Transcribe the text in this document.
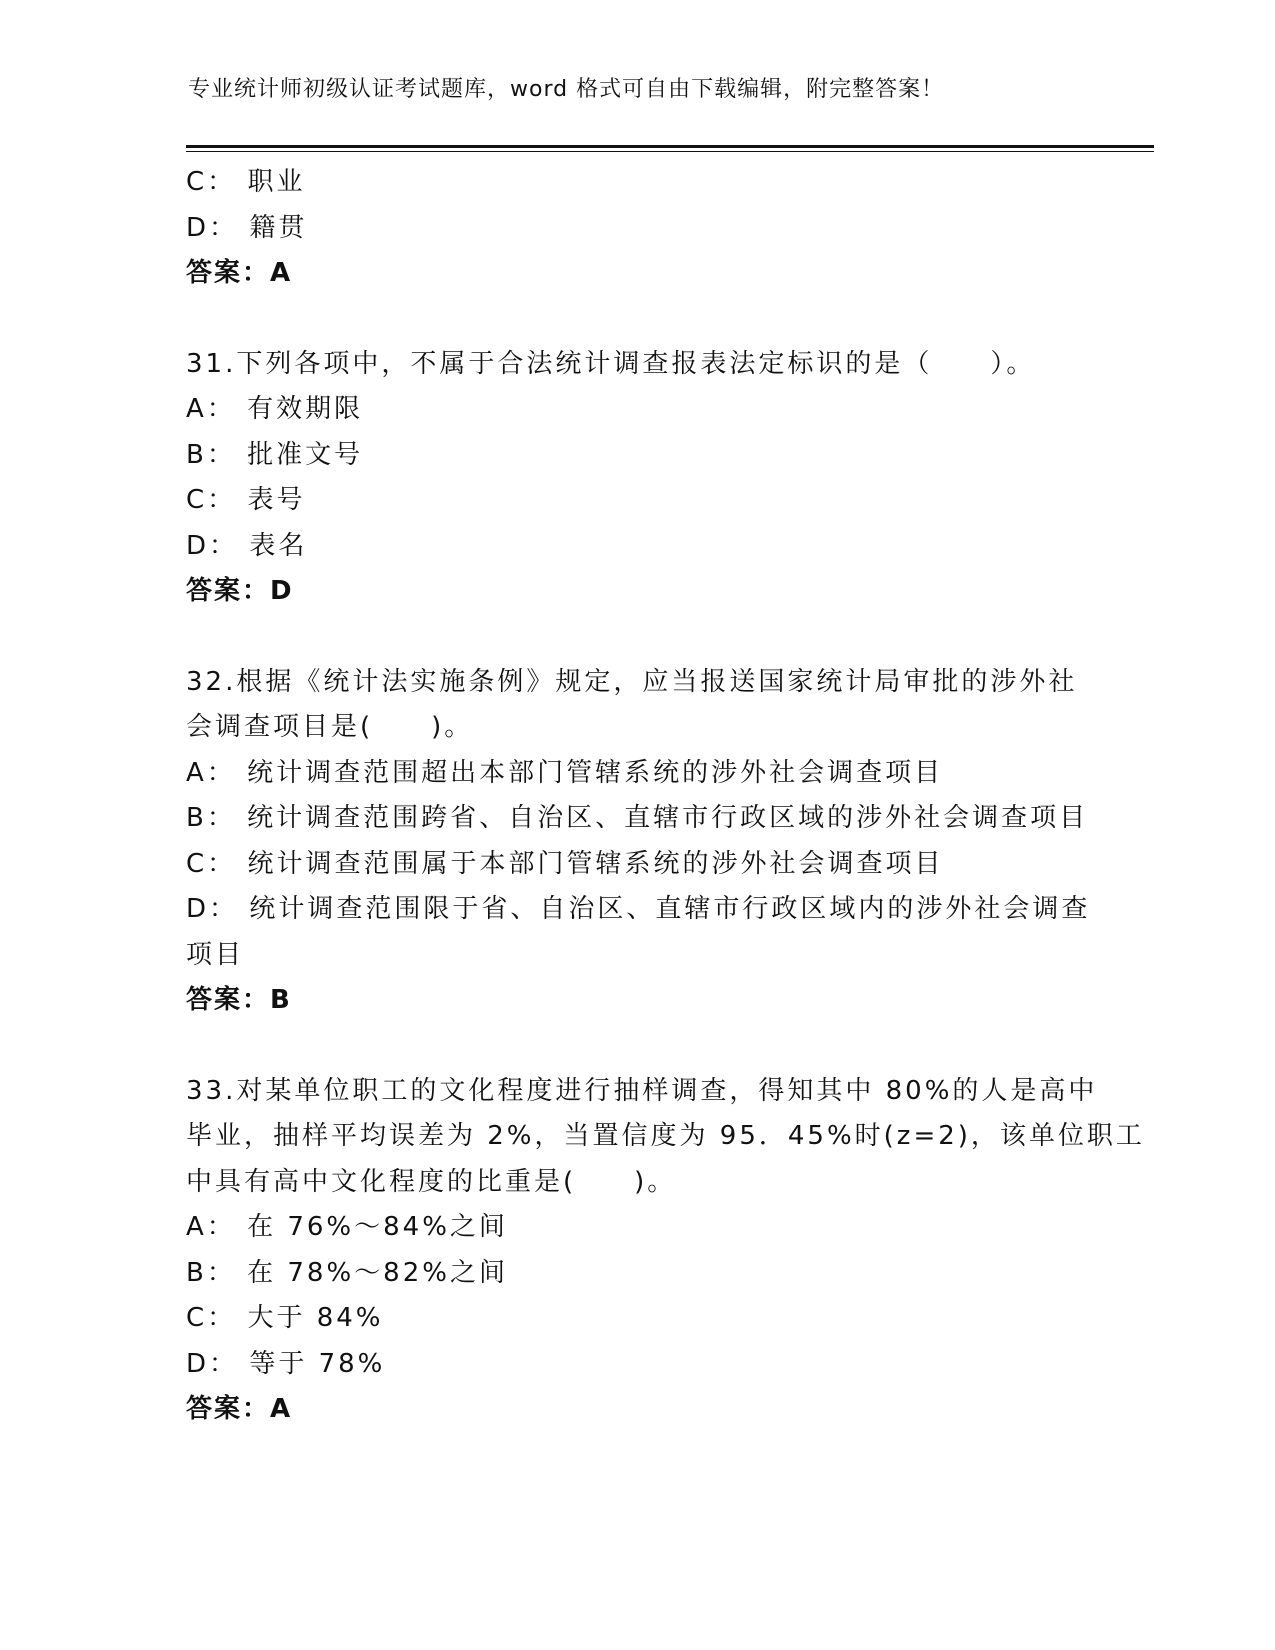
专业统计师初级认证考试题库，word 格式可自由下载编辑，附完整答案！
C： 职业
D： 籍贯
答案：A
31.下列各项中，不属于合法统计调查报表法定标识的是（　　）。
A： 有效期限
B： 批准文号
C： 表号
D： 表名
答案：D
32.根据《统计法实施条例》规定，应当报送国家统计局审批的涉外社
会调查项目是(　　)。
A： 统计调查范围超出本部门管辖系统的涉外社会调查项目
B： 统计调查范围跨省、自治区、直辖市行政区域的涉外社会调查项目
C： 统计调查范围属于本部门管辖系统的涉外社会调查项目
D： 统计调查范围限于省、自治区、直辖市行政区域内的涉外社会调查
项目
答案：B
33.对某单位职工的文化程度进行抽样调查，得知其中 80%的人是高中
毕业，抽样平均误差为 2%，当置信度为 95．45%时(z=2)，该单位职工
中具有高中文化程度的比重是(　　)。
A： 在 76%～84%之间
B： 在 78%～82%之间
C： 大于 84%
D： 等于 78%
答案：A
